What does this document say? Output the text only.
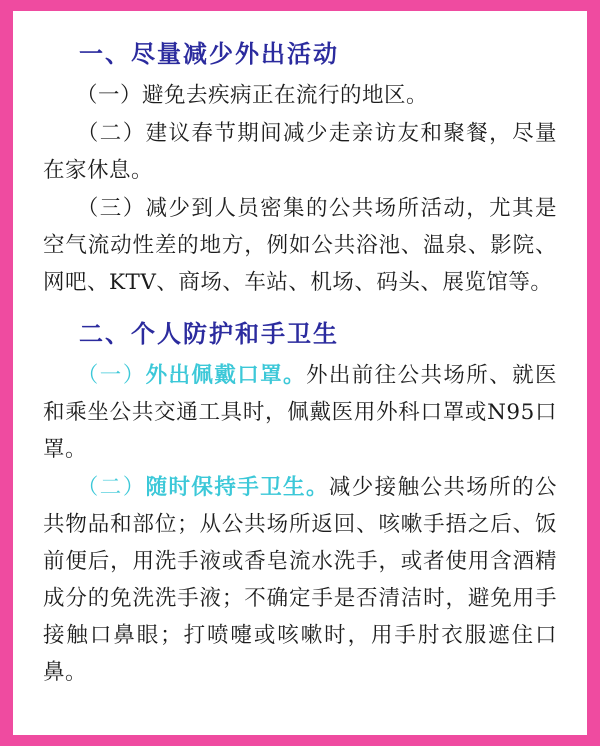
一、尽量减少外出活动

（一）避免去疾病正在流行的地区。

（二）建议春节期间减少走亲访友和聚餐，尽量在家休息。

（三）减少到人员密集的公共场所活动，尤其是空气流动性差的地方，例如公共浴池、温泉、影院、网吧、KTV、商场、车站、机场、码头、展览馆等。

二、个人防护和手卫生

（一）外出佩戴口罩。外出前往公共场所、就医和乘坐公共交通工具时，佩戴医用外科口罩或N95口罩。

（二）随时保持手卫生。减少接触公共场所的公共物品和部位；从公共场所返回、咳嗽手捂之后、饭前便后，用洗手液或香皂流水洗手，或者使用含酒精成分的免洗洗手液；不确定手是否清洁时，避免用手接触口鼻眼；打喷嚏或咳嗽时，用手肘衣服遮住口鼻。
